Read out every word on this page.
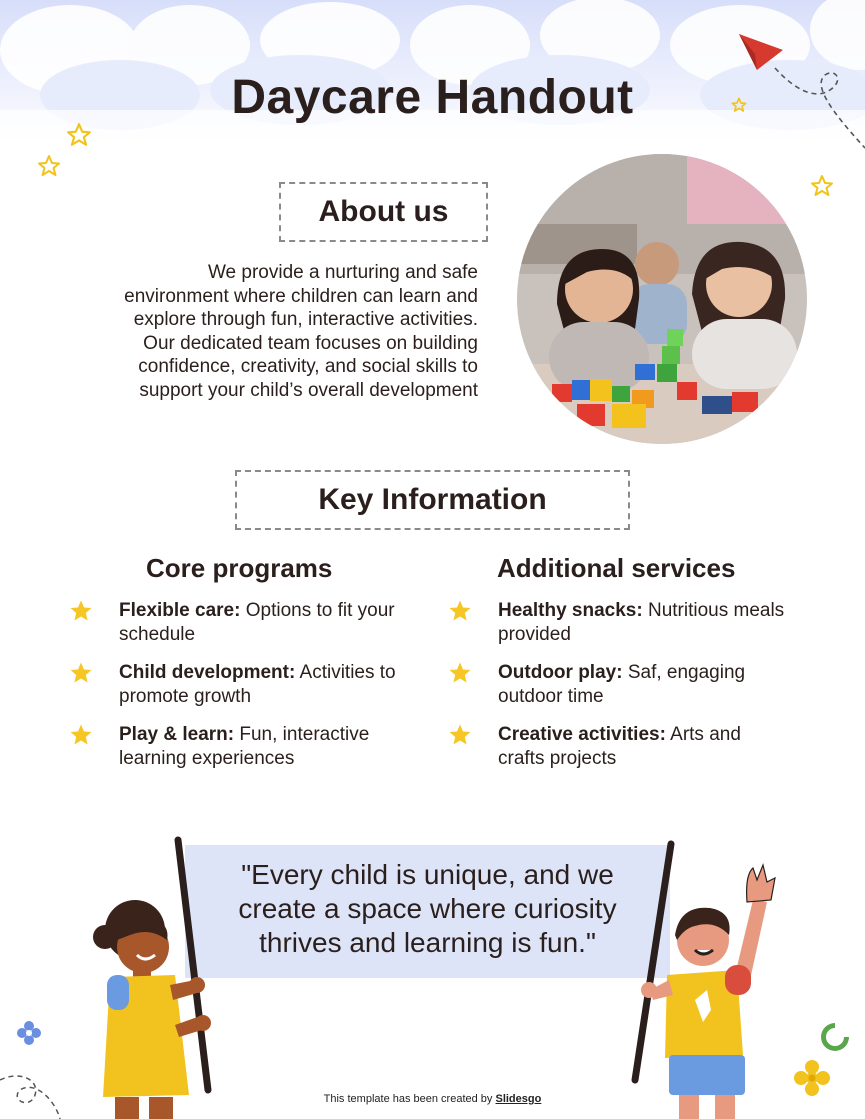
Daycare Handout
About us
We provide a nurturing and safe
environment where children can learn and
explore through fun, interactive activities.
Our dedicated team focuses on building
confidence, creativity, and social skills to
support your child’s overall development
Key Information
Core programs	Additional services
Flexible care: Options to fit your schedule
Child development: Activities to promote growth
Play & learn: Fun, interactive learning experiences
Healthy snacks: Nutritious meals provided
Outdoor play: Saf, engaging outdoor time
Creative activities: Arts and crafts projects
"Every child is unique, and we
create a space where curiosity
thrives and learning is fun."
This template has been created by Slidesgo
